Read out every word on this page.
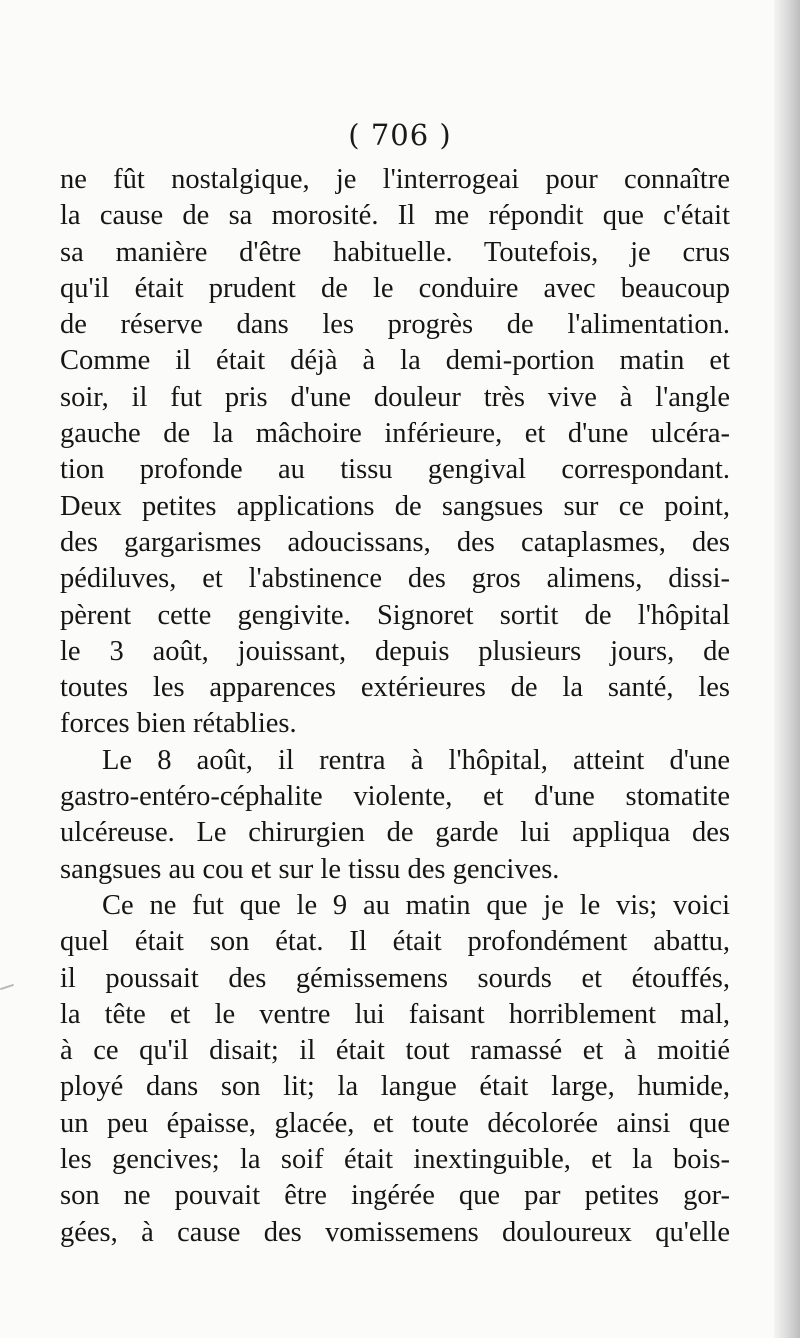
( 706 )
ne fût nostalgique, je l'interrogeai pour connaître
la cause de sa morosité. Il me répondit que c'était
sa manière d'être habituelle. Toutefois, je crus
qu'il était prudent de le conduire avec beaucoup
de réserve dans les progrès de l'alimentation.
Comme il était déjà à la demi-portion matin et
soir, il fut pris d'une douleur très vive à l'angle
gauche de la mâchoire inférieure, et d'une ulcéra-
tion profonde au tissu gengival correspondant.
Deux petites applications de sangsues sur ce point,
des gargarismes adoucissans, des cataplasmes, des
pédiluves, et l'abstinence des gros alimens, dissi-
pèrent cette gengivite. Signoret sortit de l'hôpital
le 3 août, jouissant, depuis plusieurs jours, de
toutes les apparences extérieures de la santé, les
forces bien rétablies.
Le 8 août, il rentra à l'hôpital, atteint d'une
gastro-entéro-céphalite violente, et d'une stomatite
ulcéreuse. Le chirurgien de garde lui appliqua des
sangsues au cou et sur le tissu des gencives.
Ce ne fut que le 9 au matin que je le vis; voici
quel était son état. Il était profondément abattu,
il poussait des gémissemens sourds et étouffés,
la tête et le ventre lui faisant horriblement mal,
à ce qu'il disait; il était tout ramassé et à moitié
ployé dans son lit; la langue était large, humide,
un peu épaisse, glacée, et toute décolorée ainsi que
les gencives; la soif était inextinguible, et la bois-
son ne pouvait être ingérée que par petites gor-
gées, à cause des vomissemens douloureux qu'elle
